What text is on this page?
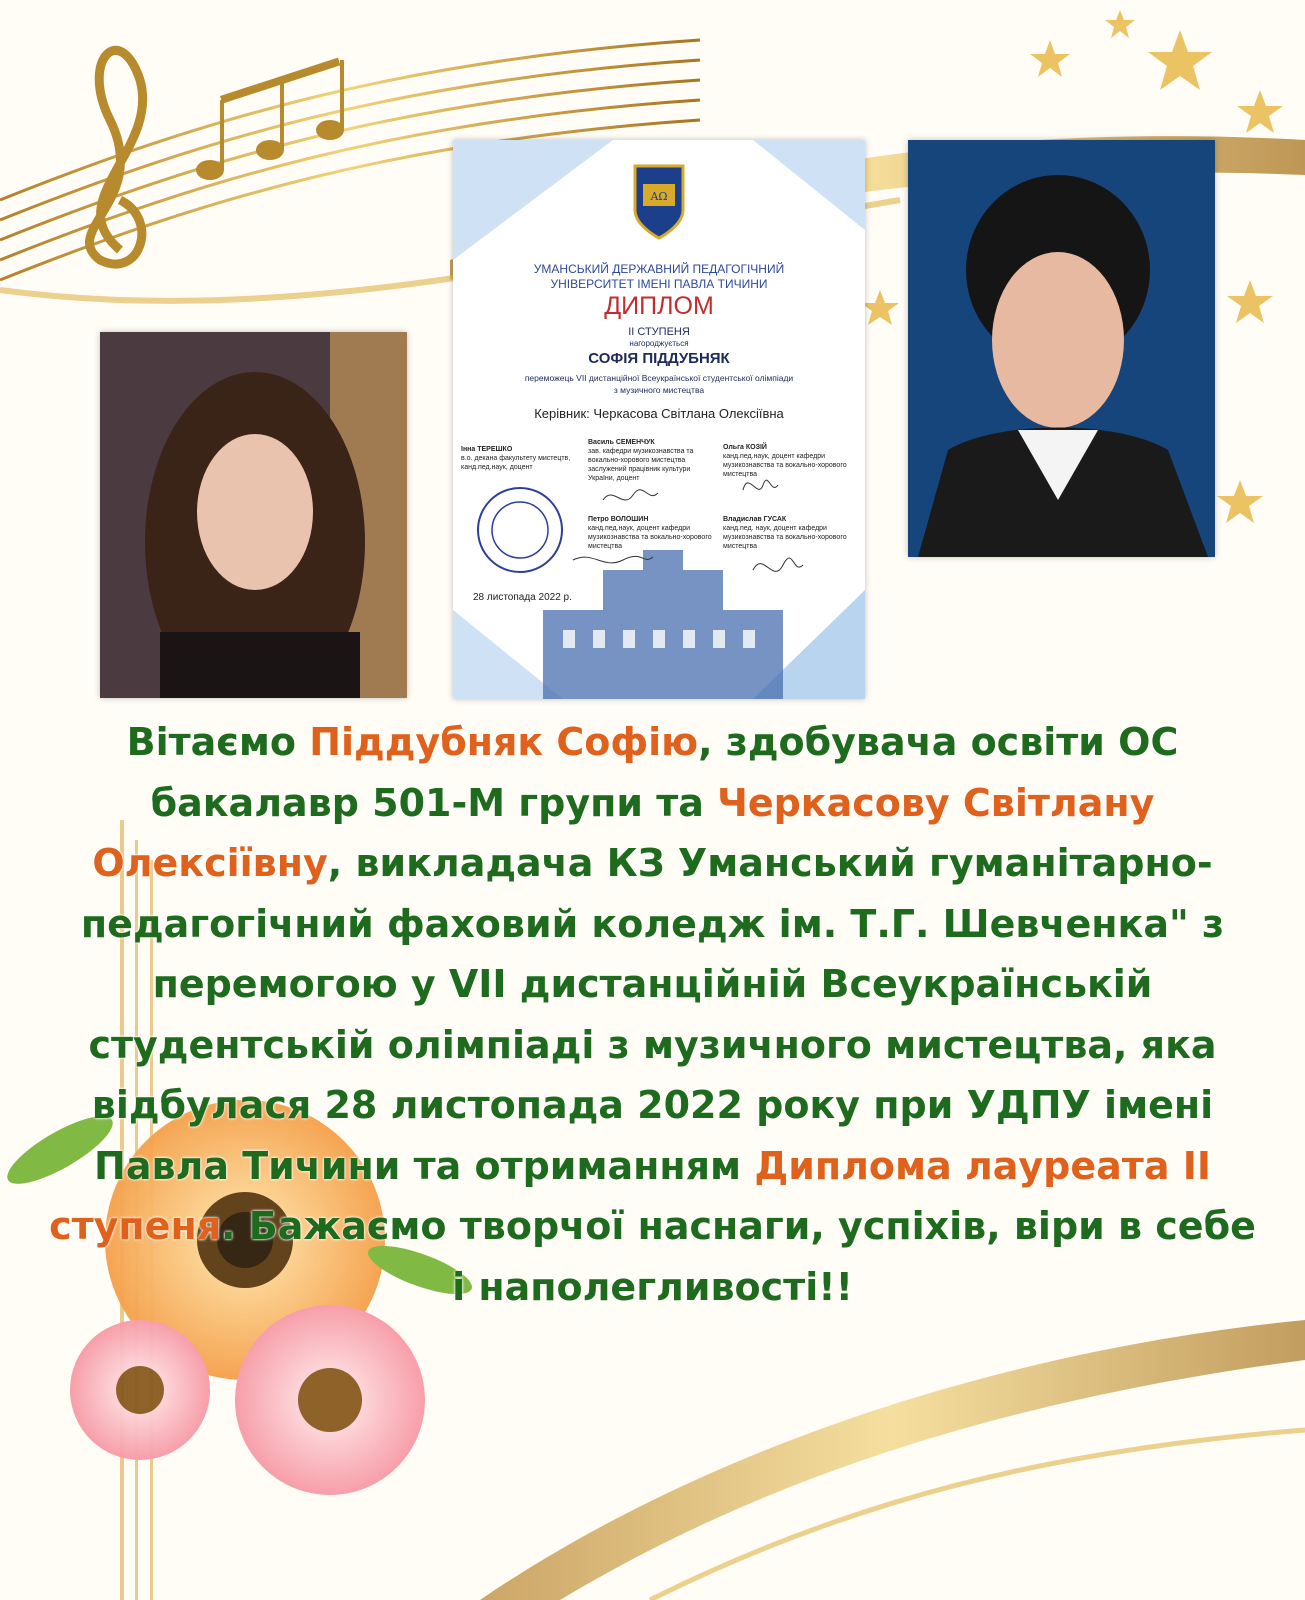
AΩ
УМАНСЬКИЙ ДЕРЖАВНИЙ ПЕДАГОГІЧНИЙ
УНІВЕРСИТЕТ ІМЕНІ ПАВЛА ТИЧИНИ
ДИПЛОМ
II СТУПЕНЯ
нагороджується
СОФІЯ ПІДДУБНЯК
переможець VII дистанційної Всеукраїнської студентської олімпіади
з музичного мистецтва
Керівник: Черкасова Світлана Олексіївна
Інна ТЕРЕШКО
в.о. декана факультету мистецтв, канд.пед.наук, доцент
Василь СЕМЕНЧУК
зав. кафедри музикознавства та вокально-хорового мистецтва заслужений працівник культури України, доцент
Ольга КОЗІЙ
канд.пед.наук, доцент кафедри музикознавства та вокально-хорового мистецтва
Петро ВОЛОШИН
канд.пед.наук, доцент кафедри музикознавства та вокально-хорового мистецтва
Владислав ГУСАК
канд.пед. наук, доцент кафедри музикознавства та вокально-хорового мистецтва
28 листопада 2022 р.
Вітаємо Піддубняк Софію, здобувача освіти ОС бакалавр 501-М групи та Черкасову Світлану Олексіївну, викладача КЗ Уманський гуманітарно-педагогічний фаховий коледж ім. Т.Г. Шевченка" з перемогою у VII дистанційній Всеукраїнській студентській олімпіаді з музичного мистецтва, яка відбулася 28 листопада 2022 року при УДПУ імені Павла Тичини та отриманням Диплома лауреата ІІ ступеня. Бажаємо творчої наснаги, успіхів, віри в себе і наполегливості!!
